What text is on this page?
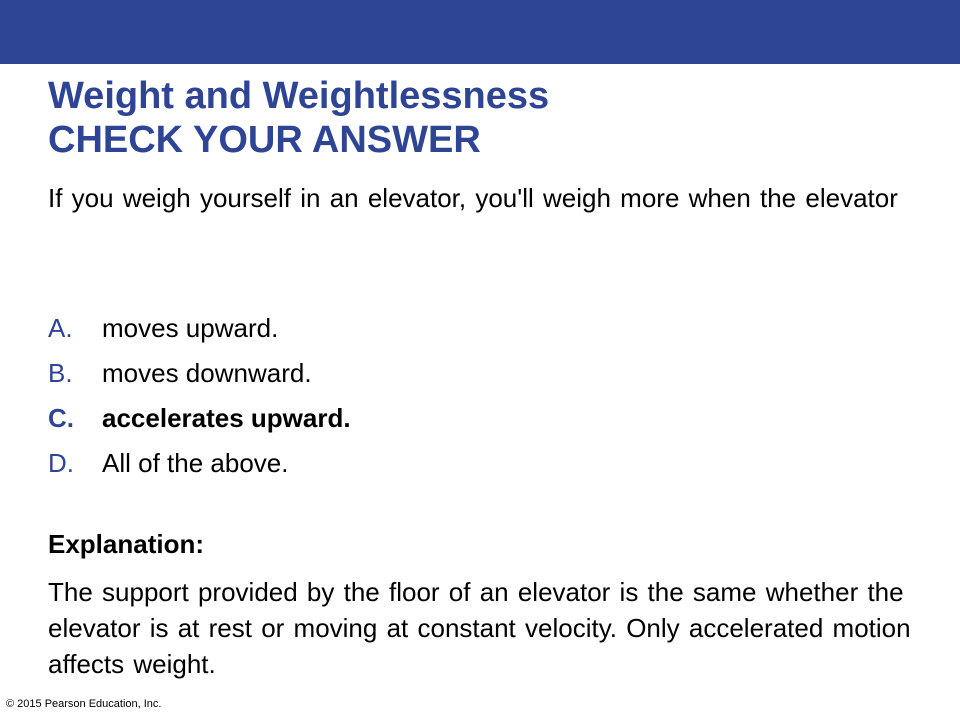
Weight and Weightlessness
CHECK YOUR ANSWER

If you weigh yourself in an elevator, you'll weigh more when the elevator

A.	moves upward.
B.	moves downward.
C.	accelerates upward.
D.	All of the above.

Explanation:

The support provided by the floor of an elevator is the same whether the elevator is at rest or moving at constant velocity. Only accelerated motion affects weight.

© 2015 Pearson Education, Inc.
